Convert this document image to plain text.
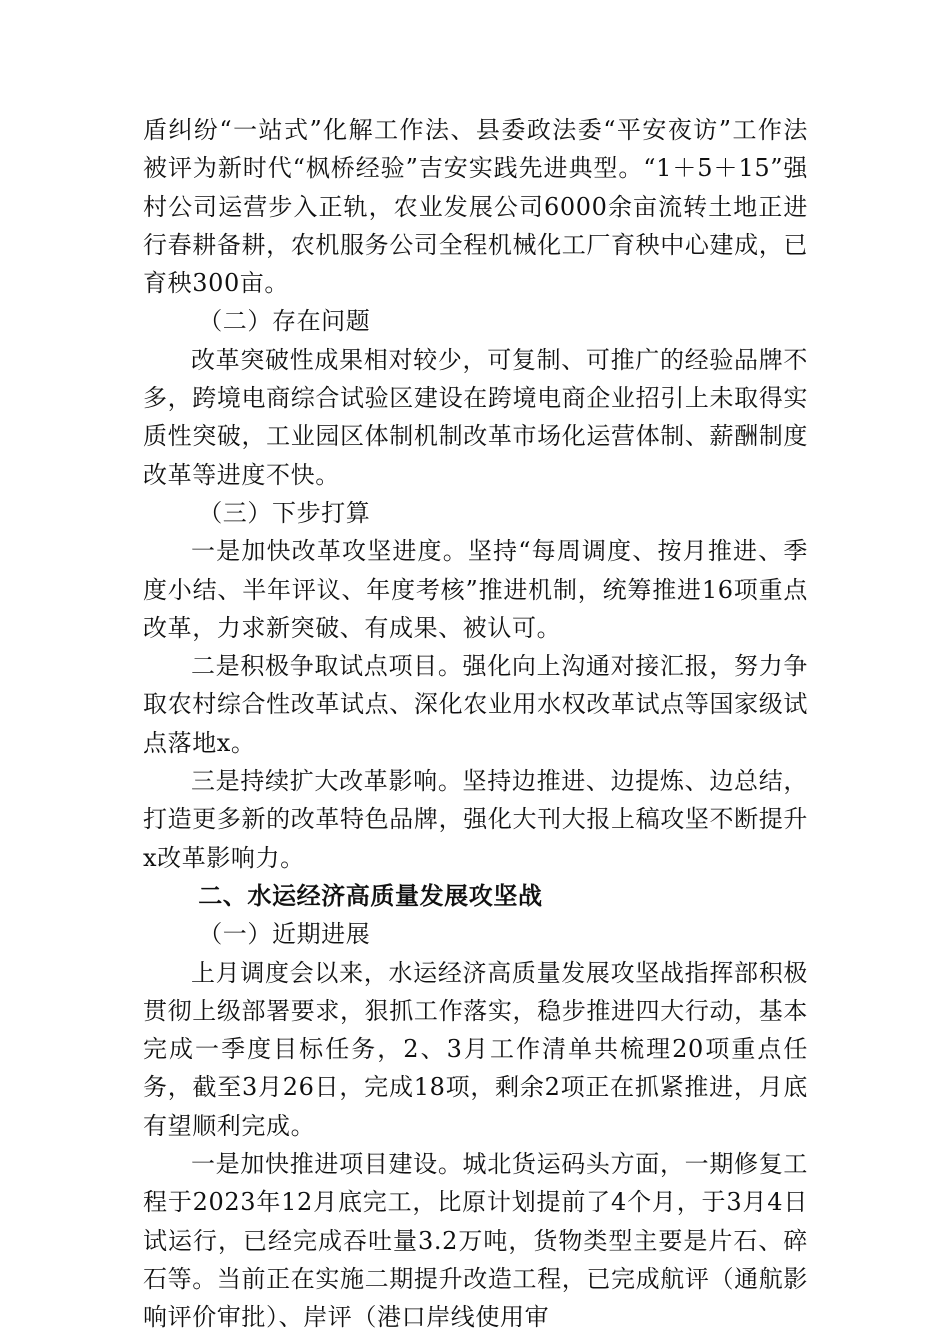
盾纠纷“一站式”化解工作法、县委政法委“平安夜访”工作法被评为新时代“枫桥经验”吉安实践先进典型。“1＋5＋15”强村公司运营步入正轨，农业发展公司6000余亩流转土地正进行春耕备耕，农机服务公司全程机械化工厂育秧中心建成，已育秧300亩。

（二）存在问题

改革突破性成果相对较少，可复制、可推广的经验品牌不多，跨境电商综合试验区建设在跨境电商企业招引上未取得实质性突破，工业园区体制机制改革市场化运营体制、薪酬制度改革等进度不快。

（三）下步打算

一是加快改革攻坚进度。坚持“每周调度、按月推进、季度小结、半年评议、年度考核”推进机制，统筹推进16项重点改革，力求新突破、有成果、被认可。

二是积极争取试点项目。强化向上沟通对接汇报，努力争取农村综合性改革试点、深化农业用水权改革试点等国家级试点落地x。

三是持续扩大改革影响。坚持边推进、边提炼、边总结，打造更多新的改革特色品牌，强化大刊大报上稿攻坚不断提升x改革影响力。

二、水运经济高质量发展攻坚战

（一）近期进展

上月调度会以来，水运经济高质量发展攻坚战指挥部积极贯彻上级部署要求，狠抓工作落实，稳步推进四大行动，基本完成一季度目标任务，2、3月工作清单共梳理20项重点任务，截至3月26日，完成18项，剩余2项正在抓紧推进，月底有望顺利完成。

一是加快推进项目建设。城北货运码头方面，一期修复工程于2023年12月底完工，比原计划提前了4个月，于3月4日试运行，已经完成吞吐量3.2万吨，货物类型主要是片石、碎石等。当前正在实施二期提升改造工程，已完成航评（通航影响评价审批）、岸评（港口岸线使用审
